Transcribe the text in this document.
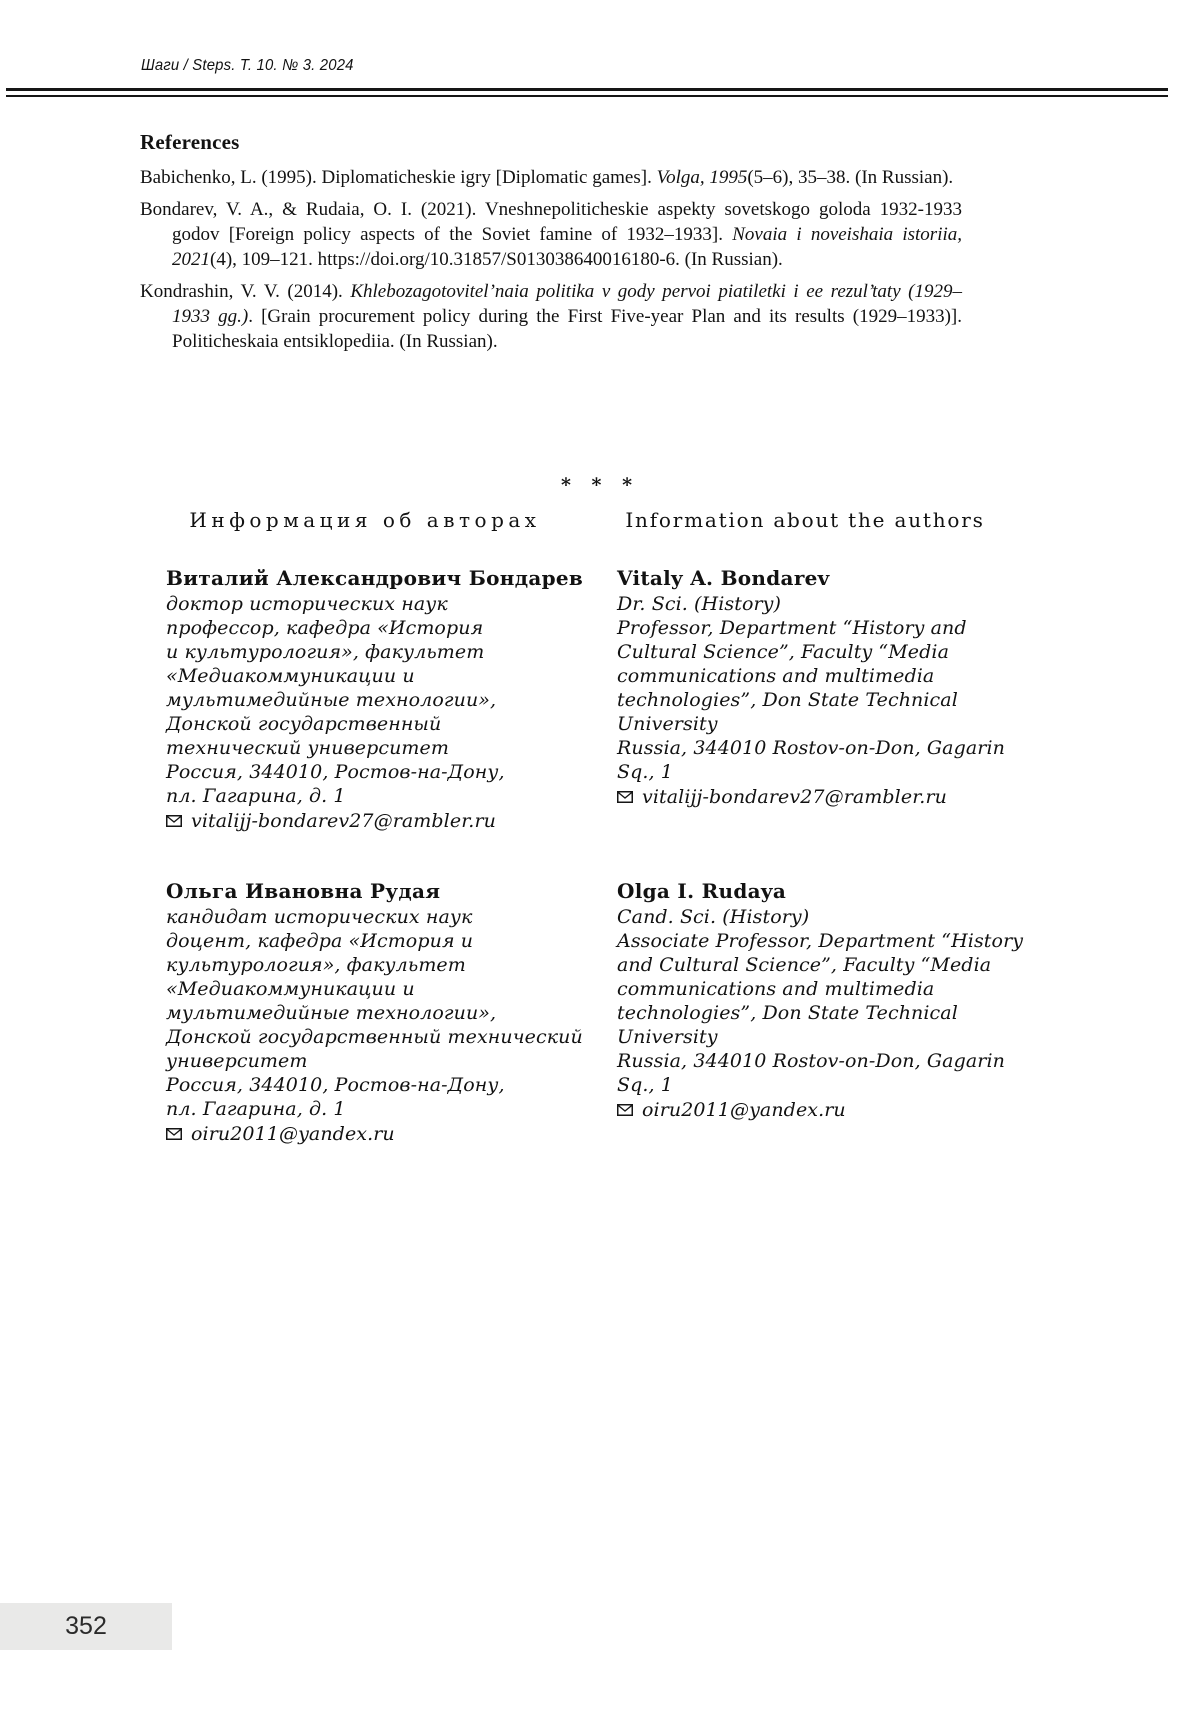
Шаги / Steps. Т. 10. № 3. 2024
References

Babichenko, L. (1995). Diplomaticheskie igry [Diplomatic games]. Volga, 1995(5–6), 35–38. (In Russian).

Bondarev, V. A., & Rudaia, O. I. (2021). Vneshnepoliticheskie aspekty sovetskogo goloda 1932-1933 godov [Foreign policy aspects of the Soviet famine of 1932–1933]. Novaia i noveishaia istoriia, 2021(4), 109–121. https://doi.org/10.31857/S013038640016180-6. (In Russian).

Kondrashin, V. V. (2014). Khlebozagotovitel’naia politika v gody pervoi piatiletki i ee rezul’taty (1929–1933 gg.). [Grain procurement policy during the First Five-year Plan and its results (1929–1933)]. Politicheskaia entsiklopediia. (In Russian).

* * *
Информация об авторах	Information about the authors
Виталий Александрович Бондарев
доктор исторических наук
профессор, кафедра «История
и культурология», факультет
«Медиакоммуникации и
мультимедийные технологии»,
Донской государственный
технический университет
Россия, 344010, Ростов-на-Дону,
пл. Гагарина, д. 1
vitalijj-bondarev27@rambler.ru
Vitaly A. Bondarev
Dr. Sci. (History)
Professor, Department “History and
Cultural Science”, Faculty “Media
communications and multimedia
technologies”, Don State Technical
University
Russia, 344010 Rostov-on-Don, Gagarin
Sq., 1
vitalijj-bondarev27@rambler.ru
Ольга Ивановна Рудая
кандидат исторических наук
доцент, кафедра «История и
культурология», факультет
«Медиакоммуникации и
мультимедийные технологии»,
Донской государственный технический
университет
Россия, 344010, Ростов-на-Дону,
пл. Гагарина, д. 1
oiru2011@yandex.ru
Olga I. Rudaya
Cand. Sci. (History)
Associate Professor, Department “History
and Cultural Science”, Faculty “Media
communications and multimedia
technologies”, Don State Technical
University
Russia, 344010 Rostov-on-Don, Gagarin
Sq., 1
oiru2011@yandex.ru
352
